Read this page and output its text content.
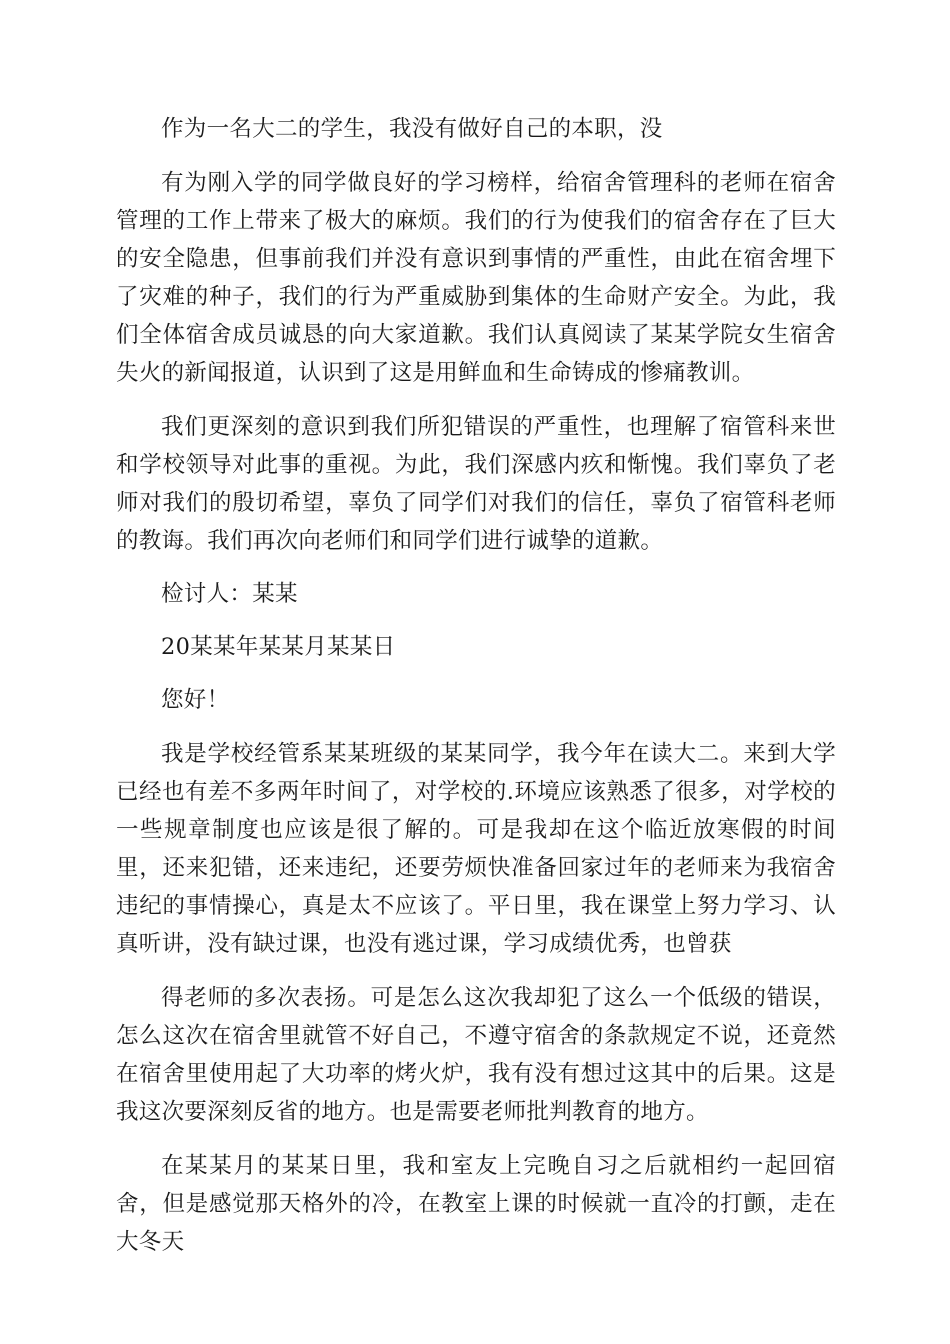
作为一名大二的学生，我没有做好自己的本职，没

有为刚入学的同学做良好的学习榜样，给宿舍管理科的老师在宿舍管理的工作上带来了极大的麻烦。我们的行为使我们的宿舍存在了巨大的安全隐患，但事前我们并没有意识到事情的严重性，由此在宿舍埋下了灾难的种子，我们的行为严重威胁到集体的生命财产安全。为此，我们全体宿舍成员诚恳的向大家道歉。我们认真阅读了某某学院女生宿舍失火的新闻报道，认识到了这是用鲜血和生命铸成的惨痛教训。

我们更深刻的意识到我们所犯错误的严重性，也理解了宿管科来世和学校领导对此事的重视。为此，我们深感内疚和惭愧。我们辜负了老师对我们的殷切希望，辜负了同学们对我们的信任，辜负了宿管科老师的教诲。我们再次向老师们和同学们进行诚挚的道歉。

检讨人：某某

20某某年某某月某某日

您好！

我是学校经管系某某班级的某某同学，我今年在读大二。来到大学已经也有差不多两年时间了，对学校的.环境应该熟悉了很多，对学校的一些规章制度也应该是很了解的。可是我却在这个临近放寒假的时间里，还来犯错，还来违纪，还要劳烦快准备回家过年的老师来为我宿舍违纪的事情操心，真是太不应该了。平日里，我在课堂上努力学习、认真听讲，没有缺过课，也没有逃过课，学习成绩优秀，也曾获

得老师的多次表扬。可是怎么这次我却犯了这么一个低级的错误，怎么这次在宿舍里就管不好自己，不遵守宿舍的条款规定不说，还竟然在宿舍里使用起了大功率的烤火炉，我有没有想过这其中的后果。这是我这次要深刻反省的地方。也是需要老师批判教育的地方。

在某某月的某某日里，我和室友上完晚自习之后就相约一起回宿舍，但是感觉那天格外的冷，在教室上课的时候就一直冷的打颤，走在大冬天
